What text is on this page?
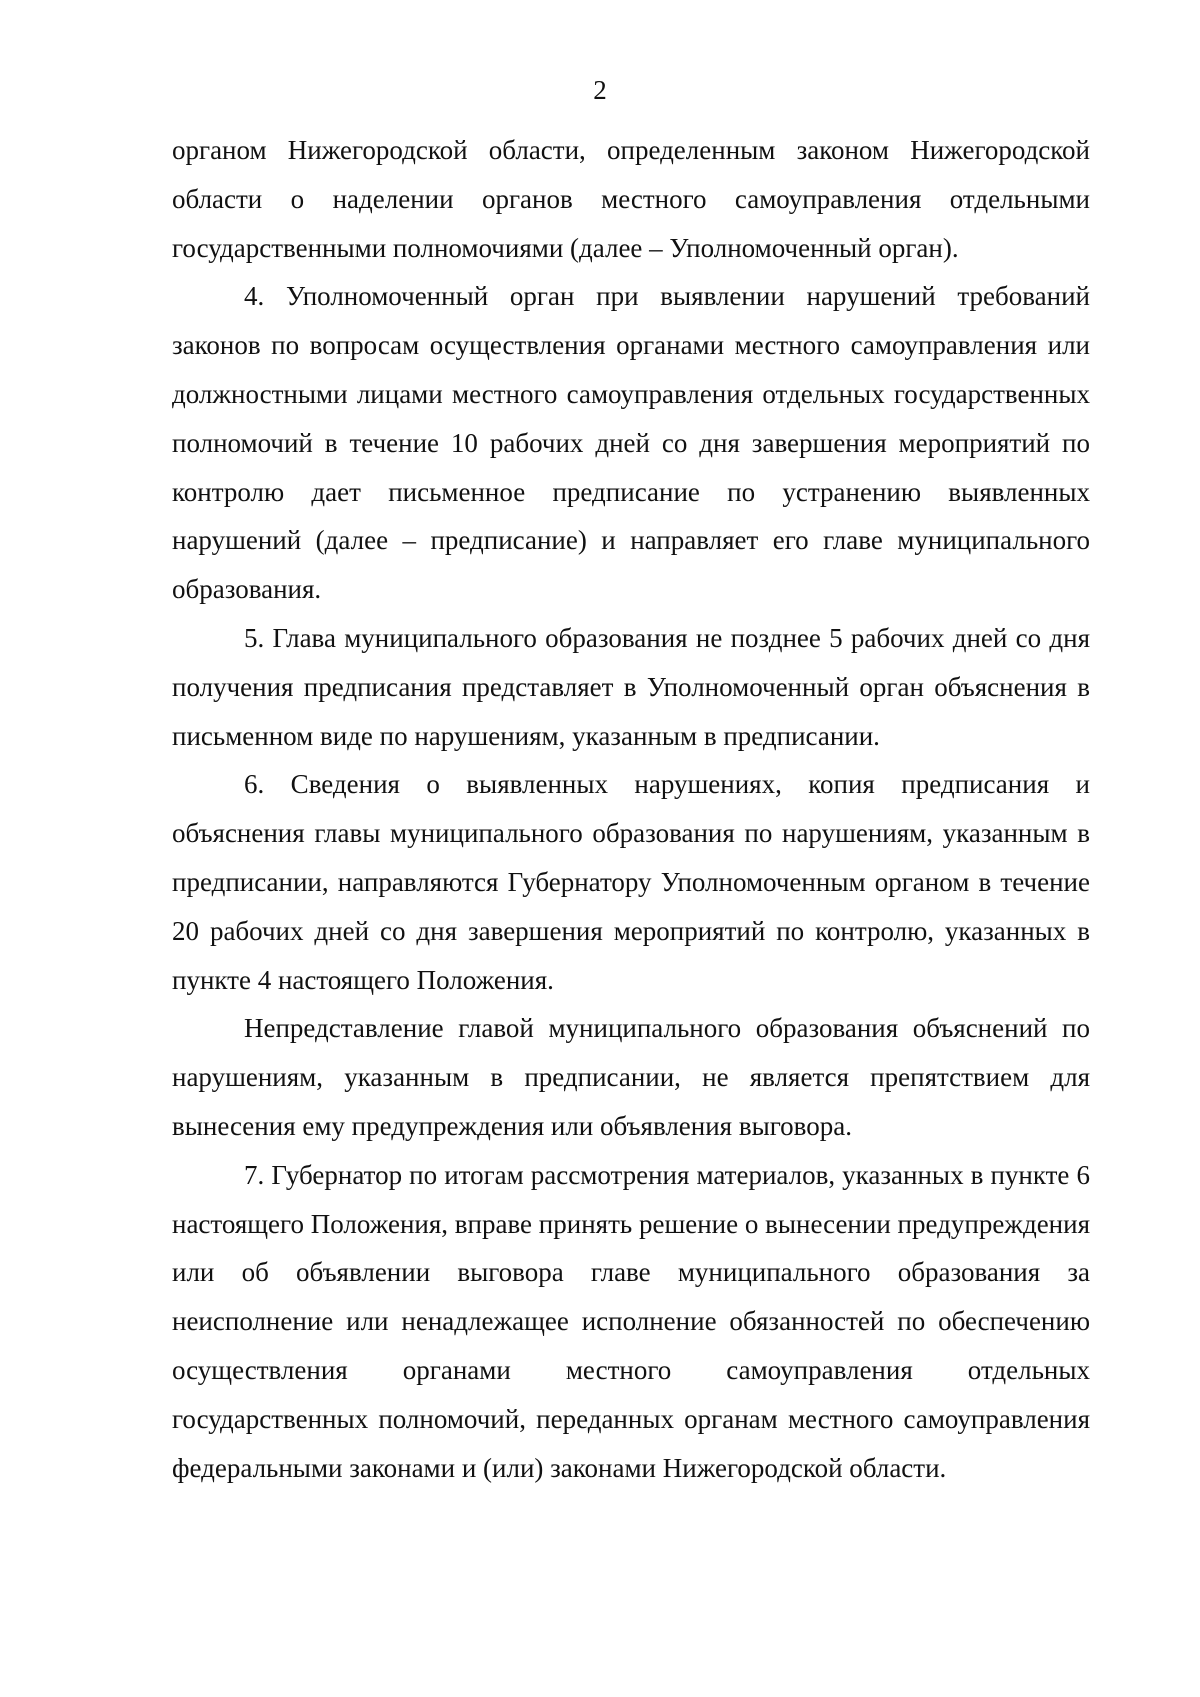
2

органом Нижегородской области, определенным законом Нижегородской области о наделении органов местного самоуправления отдельными государственными полномочиями (далее – Уполномоченный орган).

4. Уполномоченный орган при выявлении нарушений требований законов по вопросам осуществления органами местного самоуправления или должностными лицами местного самоуправления отдельных государственных полномочий в течение 10 рабочих дней со дня завершения мероприятий по контролю дает письменное предписание по устранению выявленных нарушений (далее – предписание) и направляет его главе муниципального образования.

5. Глава муниципального образования не позднее 5 рабочих дней со дня получения предписания представляет в Уполномоченный орган объяснения в письменном виде по нарушениям, указанным в предписании.

6. Сведения о выявленных нарушениях, копия предписания и объяснения главы муниципального образования по нарушениям, указанным в предписании, направляются Губернатору Уполномоченным органом в течение 20 рабочих дней со дня завершения мероприятий по контролю, указанных в пункте 4 настоящего Положения.

Непредставление главой муниципального образования объяснений по нарушениям, указанным в предписании, не является препятствием для вынесения ему предупреждения или объявления выговора.

7. Губернатор по итогам рассмотрения материалов, указанных в пункте 6 настоящего Положения, вправе принять решение о вынесении предупреждения или об объявлении выговора главе муниципального образования за неисполнение или ненадлежащее исполнение обязанностей по обеспечению осуществления органами местного самоуправления отдельных государственных полномочий, переданных органам местного самоуправления федеральными законами и (или) законами Нижегородской области.
